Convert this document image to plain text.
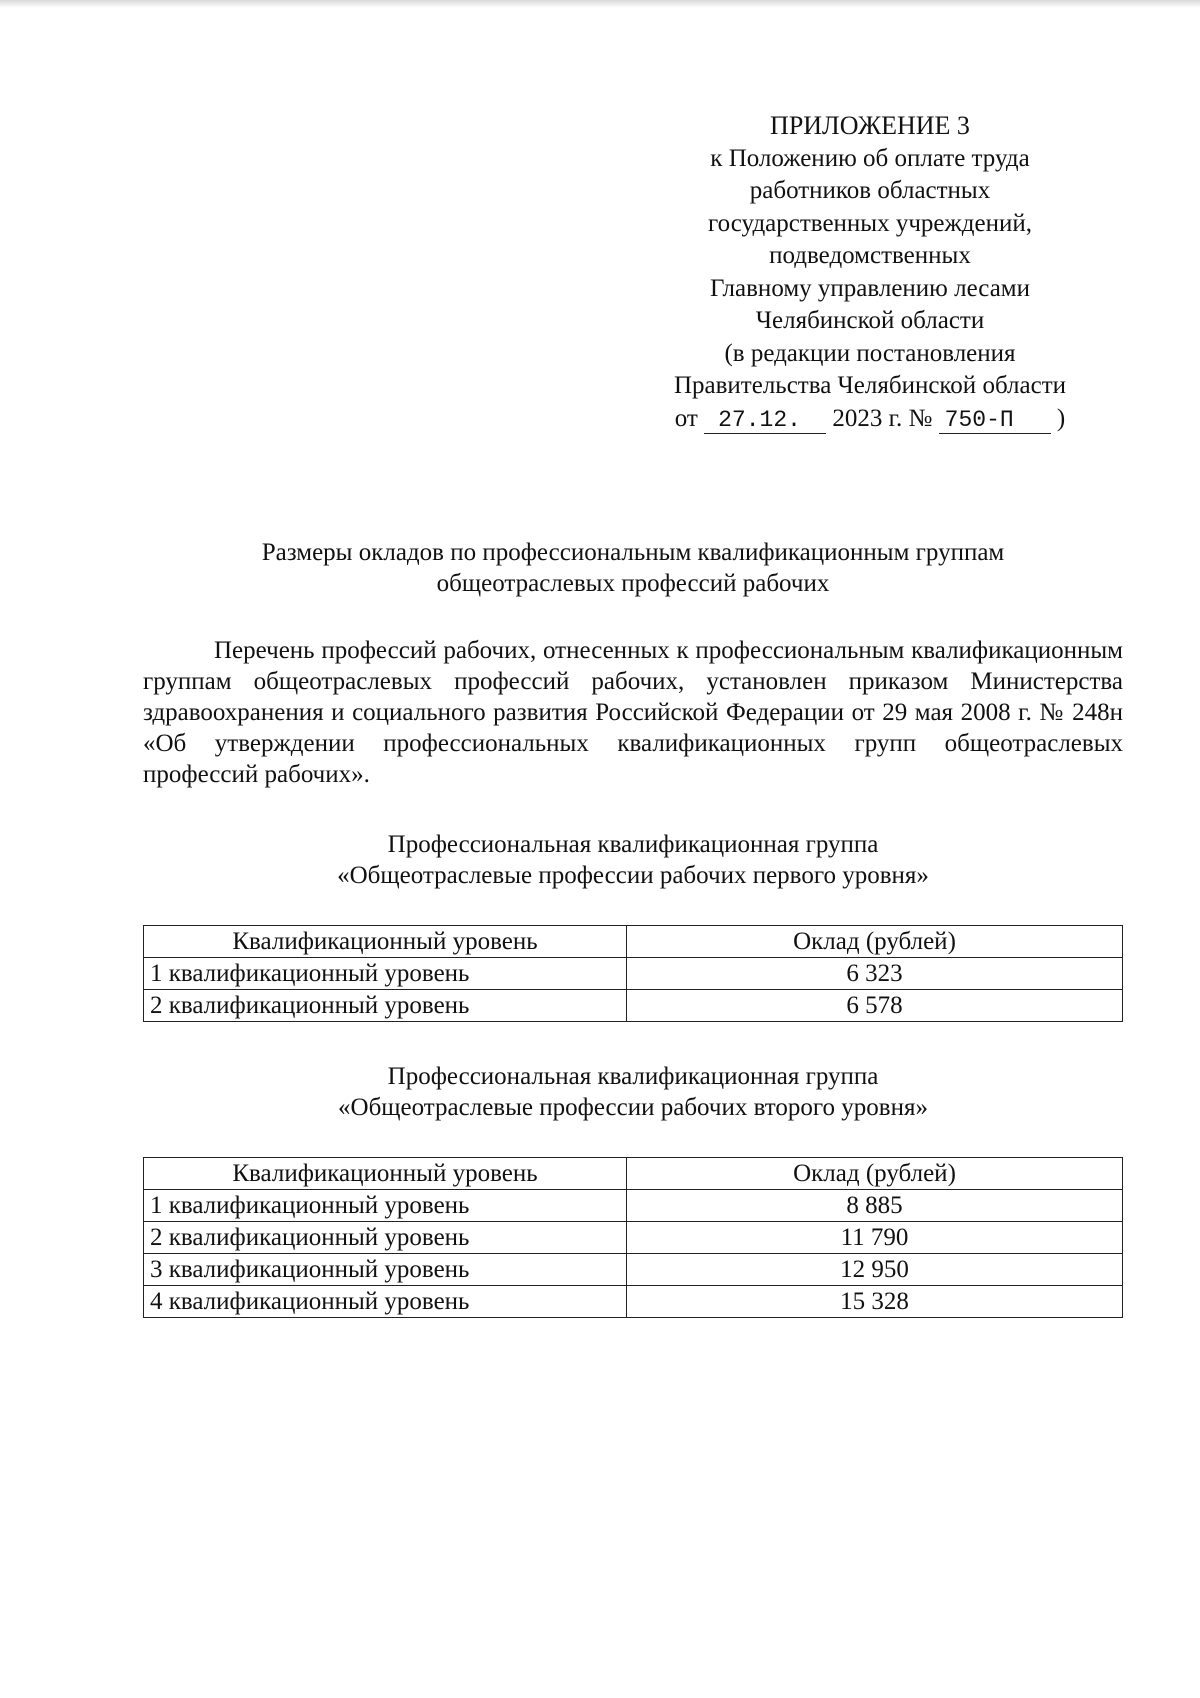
ПРИЛОЖЕНИЕ 3
к Положению об оплате труда
работников областных
государственных учреждений,
подведомственных
Главному управлению лесами
Челябинской области
(в редакции постановления
Правительства Челябинской области
от 27.12. 2023 г. № 750-П )
Размеры окладов по профессиональным квалификационным группам
общеотраслевых профессий рабочих
Перечень профессий рабочих, отнесенных к профессиональным квалификационным группам общеотраслевых профессий рабочих, установлен приказом Министерства здравоохранения и социального развития Российской Федерации от 29 мая 2008 г. № 248н «Об утверждении профессиональных квалификационных групп общеотраслевых профессий рабочих».
Профессиональная квалификационная группа
«Общеотраслевые профессии рабочих первого уровня»
Квалификационный уровень	Оклад (рублей)
1 квалификационный уровень	6 323
2 квалификационный уровень	6 578
Профессиональная квалификационная группа
«Общеотраслевые профессии рабочих второго уровня»
Квалификационный уровень	Оклад (рублей)
1 квалификационный уровень	8 885
2 квалификационный уровень	11 790
3 квалификационный уровень	12 950
4 квалификационный уровень	15 328
